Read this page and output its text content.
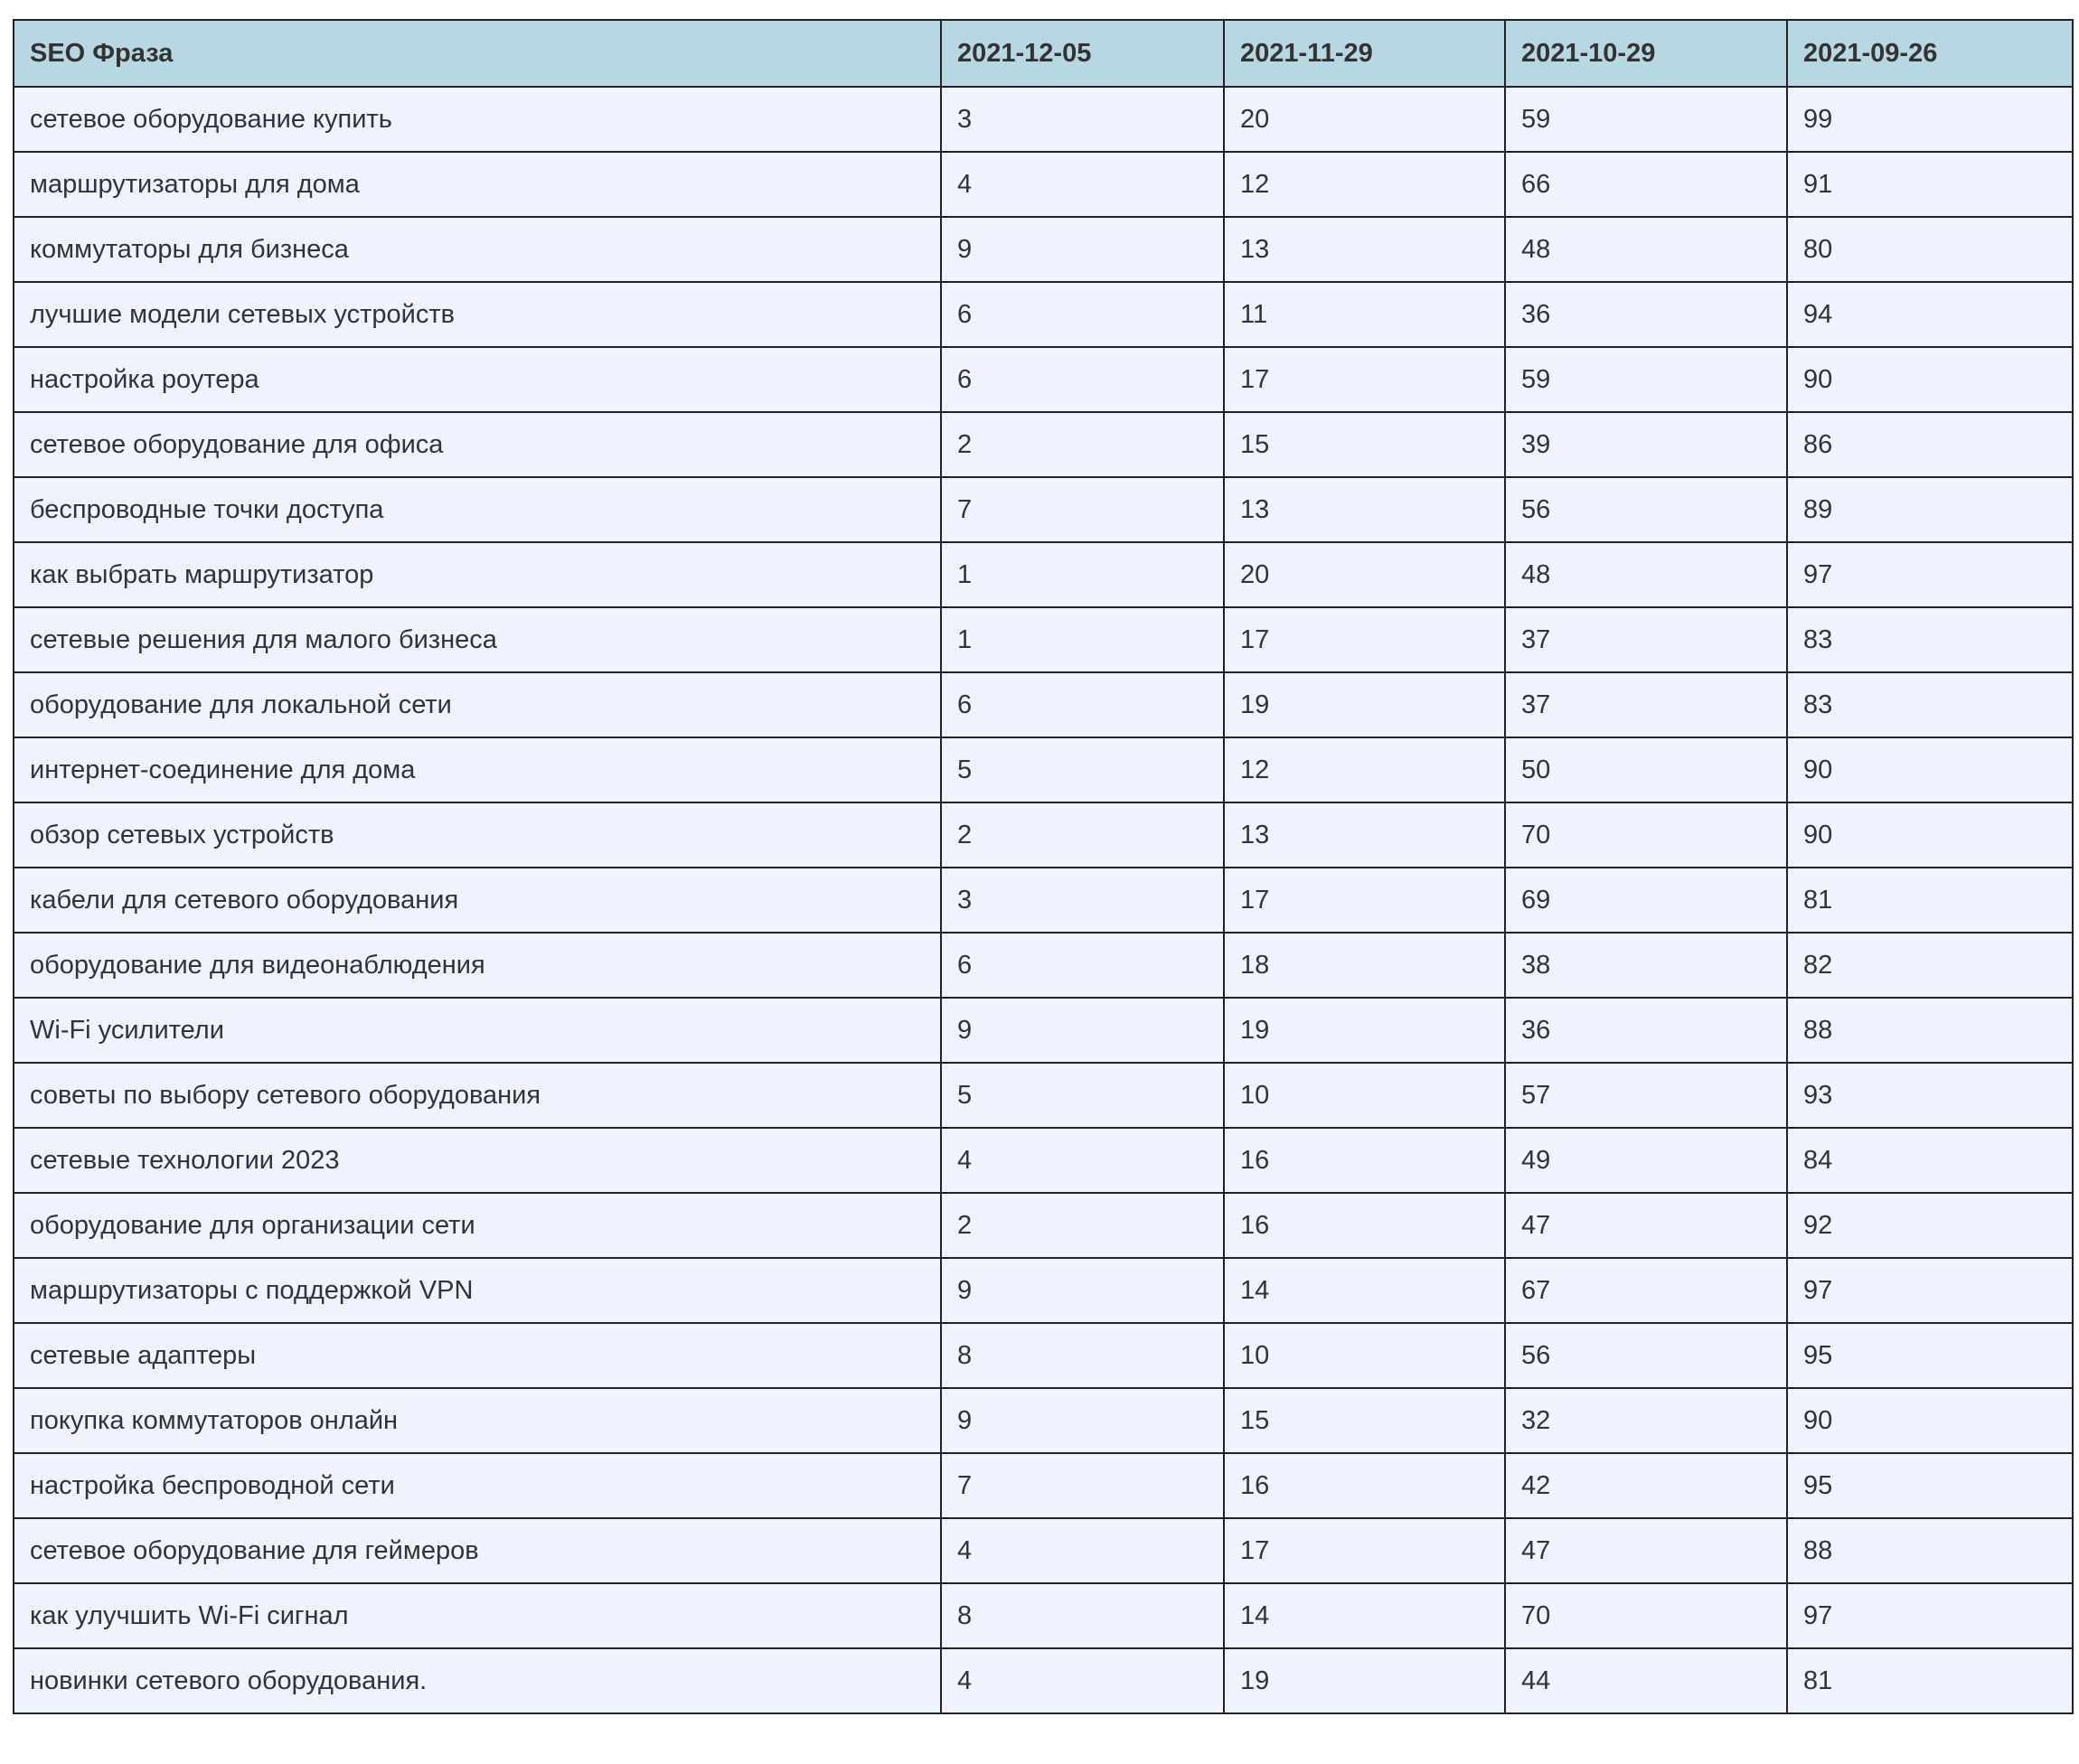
SEO Фраза	2021-12-05	2021-11-29	2021-10-29	2021-09-26
сетевое оборудование купить	3	20	59	99
маршрутизаторы для дома	4	12	66	91
коммутаторы для бизнеса	9	13	48	80
лучшие модели сетевых устройств	6	11	36	94
настройка роутера	6	17	59	90
сетевое оборудование для офиса	2	15	39	86
беспроводные точки доступа	7	13	56	89
как выбрать маршрутизатор	1	20	48	97
сетевые решения для малого бизнеса	1	17	37	83
оборудование для локальной сети	6	19	37	83
интернет-соединение для дома	5	12	50	90
обзор сетевых устройств	2	13	70	90
кабели для сетевого оборудования	3	17	69	81
оборудование для видеонаблюдения	6	18	38	82
Wi-Fi усилители	9	19	36	88
советы по выбору сетевого оборудования	5	10	57	93
сетевые технологии 2023	4	16	49	84
оборудование для организации сети	2	16	47	92
маршрутизаторы с поддержкой VPN	9	14	67	97
сетевые адаптеры	8	10	56	95
покупка коммутаторов онлайн	9	15	32	90
настройка беспроводной сети	7	16	42	95
сетевое оборудование для геймеров	4	17	47	88
как улучшить Wi-Fi сигнал	8	14	70	97
новинки сетевого оборудования.	4	19	44	81
